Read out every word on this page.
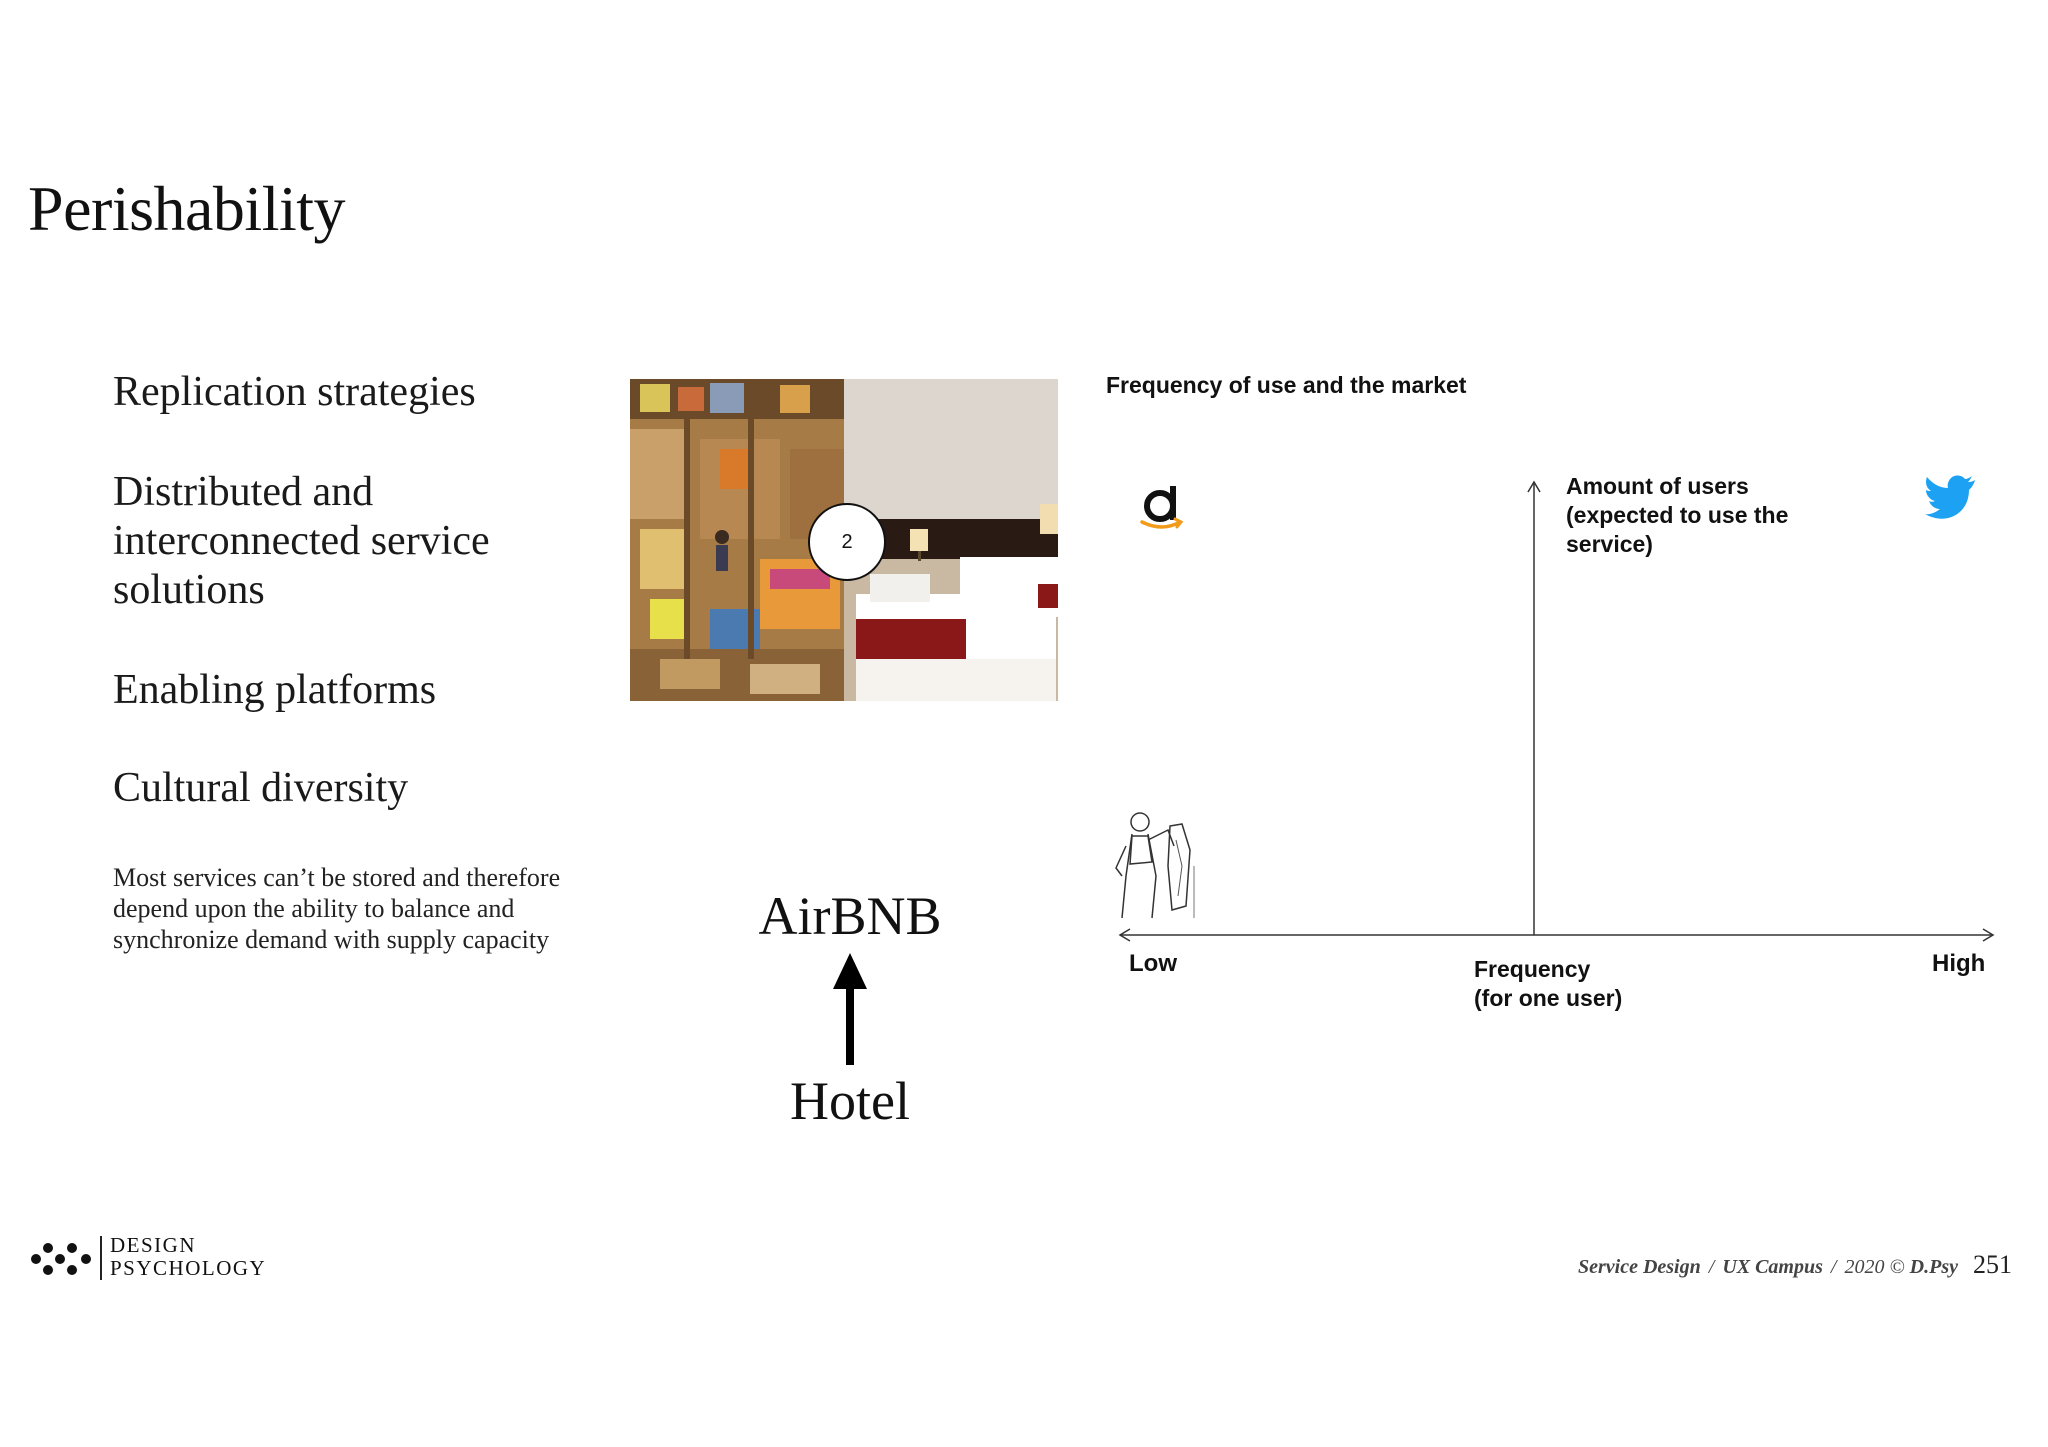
Perishability
Replication strategies
Distributed and interconnected service solutions
Enabling platforms
Cultural diversity
Most services can’t be stored and therefore depend upon the ability to balance and synchronize demand with supply capacity
2
AirBNB
Hotel
Frequency of use and the market
Amount of users
(expected to use the
service)
Low	Frequency
(for one user)
High
DESIGN
PSYCHOLOGY	Service Design / UX Campus / 2020 © D.Psy 251
